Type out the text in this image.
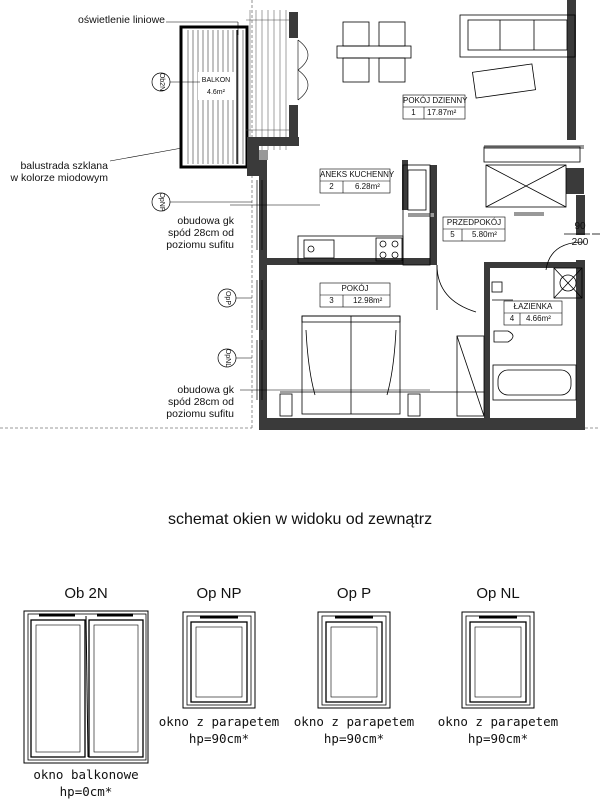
oświetlenie liniowe
balustrada szklana
w kolorze miodowym
obudowa gk
spód 28cm od
poziomu sufitu
obudowa gk
spód 28cm od
poziomu sufitu
BALKON
4.6m²
Ob2N
OpNP
OpP
OpNL
POKÓJ DZIENNY
1	17.87m²
ANEKS KUCHENNY
2	6.28m²
POKÓJ
3	12.98m²
ŁAZIENKA
4	4.66m²
PRZEDPOKÓJ
5	5.80m²
90
200
schemat okien w widoku od zewnątrz
Ob 2N	Op NP	Op P	Op NL
okno balkonowe
hp=0cm*
okno z parapetem
hp=90cm*
okno z parapetem
hp=90cm*
okno z parapetem
hp=90cm*
